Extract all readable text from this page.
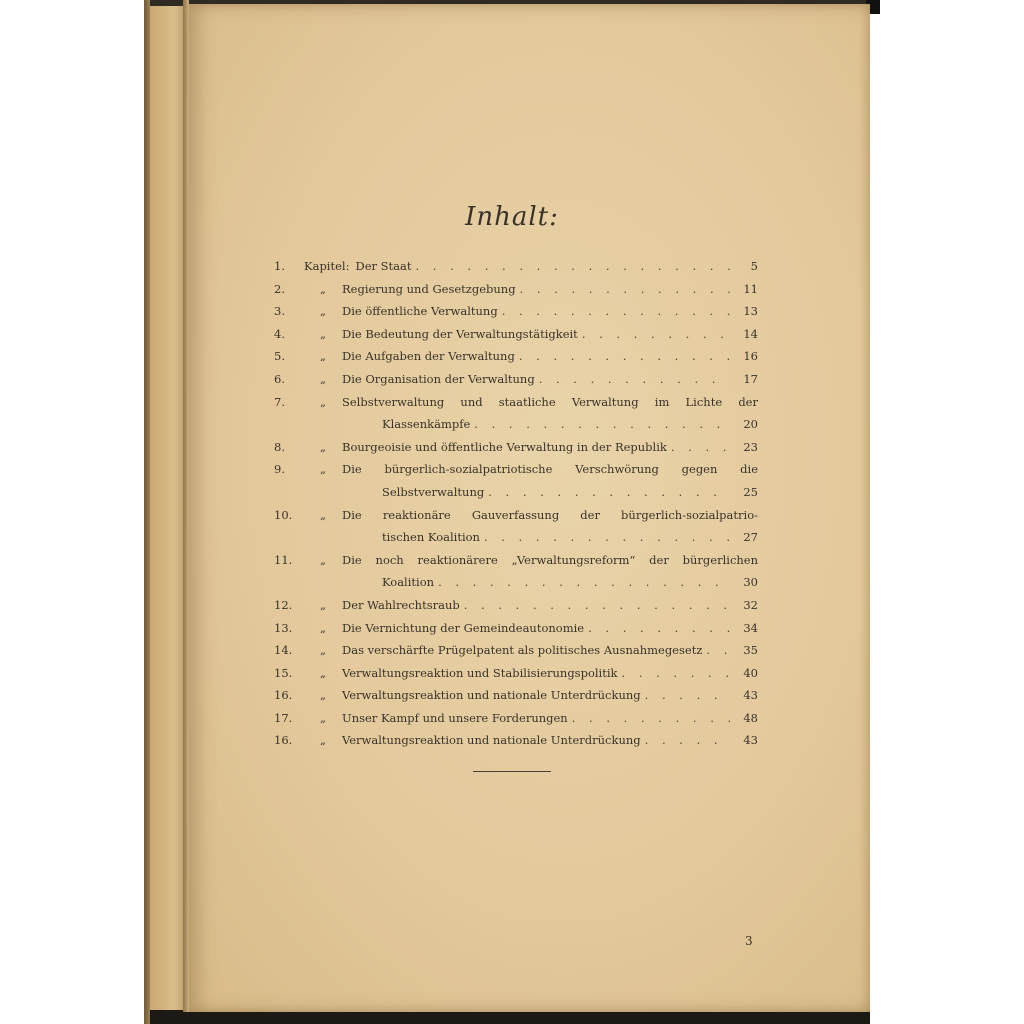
Inhalt:
1.	Kapitel: Der Staat . . .	5
2.	„	Regierung und Gesetzgebung . . .	11
3.	„	Die öffentliche Verwaltung . . .	13
4.	„	Die Bedeutung der Verwaltungstätigkeit . . .	14
5.	„	Die Aufgaben der Verwaltung . . .	16
6.	„	Die Organisation der Verwaltung . . .	17
7.	„	Selbstverwaltung und staatliche Verwaltung im Lichte der
Klassenkämpfe . . .	20
8.	„	Bourgeoisie und öffentliche Verwaltung in der Republik . . .	23
9.	„	Die bürgerlich-sozialpatriotische Verschwörung gegen die
Selbstverwaltung . . .	25
10.	„	Die reaktionäre Gauverfassung der bürgerlich-sozialpatrio-
tischen Koalition . . .	27
11.	„	Die noch reaktionärere „Verwaltungsreform“ der bürgerlichen
Koalition . . .	30
12.	„	Der Wahlrechtsraub . . .	32
13.	„	Die Vernichtung der Gemeindeautonomie . . .	34
14.	„	Das verschärfte Prügelpatent als politisches Ausnahmegesetz . . .	35
15.	„	Verwaltungsreaktion und Stabilisierungspolitik . . .	40
16.	„	Verwaltungsreaktion und nationale Unterdrückung . . .	43
17.	„	Unser Kampf und unsere Forderungen . . .	48
16.	„	Verwaltungsreaktion und nationale Unterdrückung . . .	43
3
